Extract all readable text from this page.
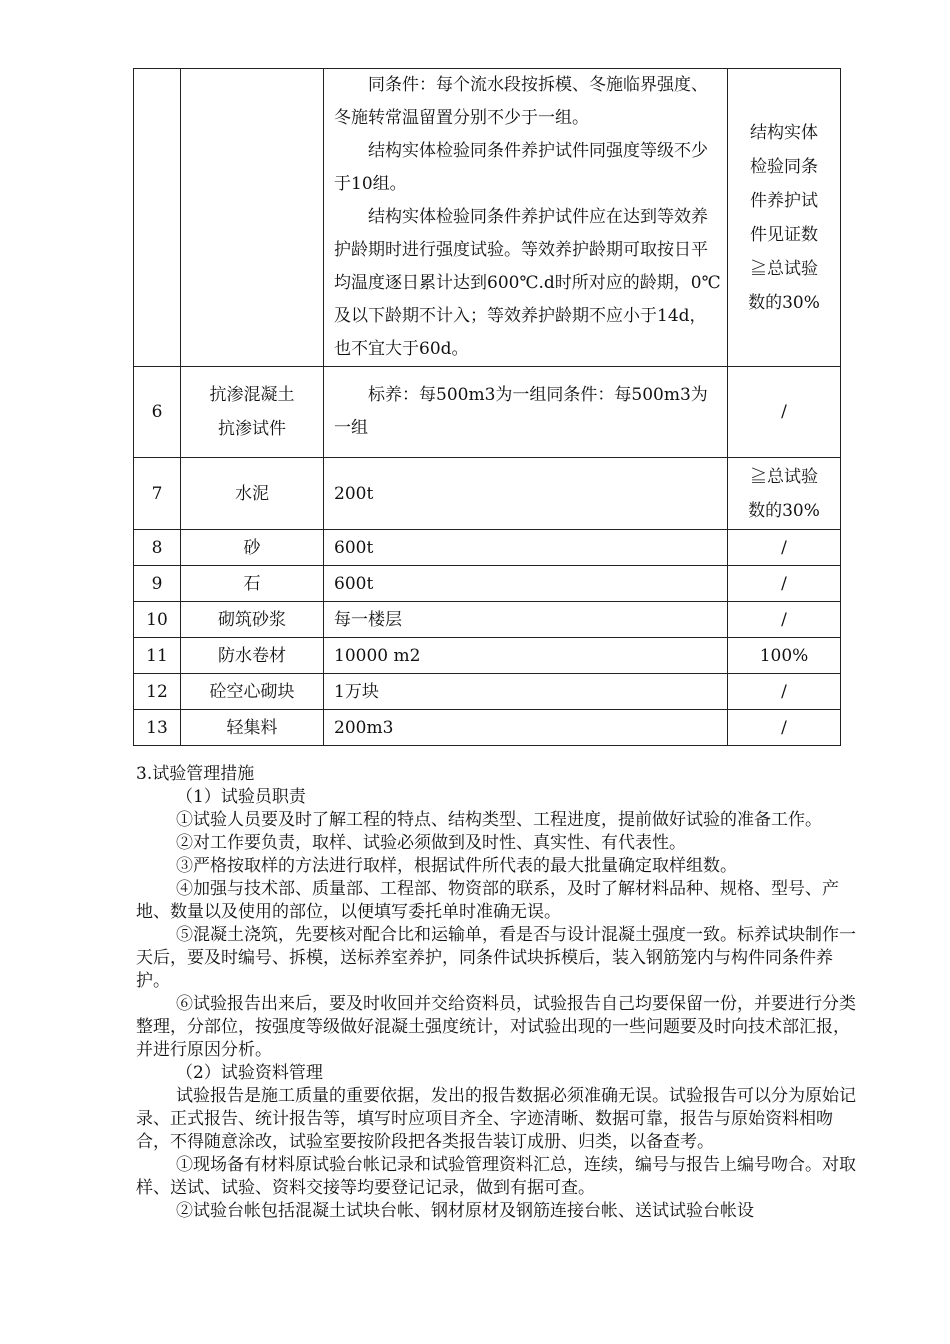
		同条件：每个流水段按拆模、冬施临界强度、冬施转常温留置分别不少于一组。

结构实体检验同条件养护试件同强度等级不少于10组。

结构实体检验同条件养护试件应在达到等效养护龄期时进行强度试验。等效养护龄期可取按日平均温度逐日累计达到600℃.d时所对应的龄期，0℃及以下龄期不计入；等效养护龄期不应小于14d，也不宜大于60d。	结构实体检验同条件养护试件见证数≧总试验数的30%
6	抗渗混凝土抗渗试件	标养：每500m3为一组同条件：每500m3为一组	/
7	水泥	200t	≧总试验数的30%
8	砂	600t	/
9	石	600t	/
10	砌筑砂浆	每一楼层	/
11	防水卷材	10000 m2	100%
12	砼空心砌块	1万块	/
13	轻集料	200m3	/

3.试验管理措施

（1）试验员职责

①试验人员要及时了解工程的特点、结构类型、工程进度，提前做好试验的准备工作。

②对工作要负责，取样、试验必须做到及时性、真实性、有代表性。

③严格按取样的方法进行取样，根据试件所代表的最大批量确定取样组数。

④加强与技术部、质量部、工程部、物资部的联系，及时了解材料品种、规格、型号、产地、数量以及使用的部位，以便填写委托单时准确无误。

⑤混凝土浇筑，先要核对配合比和运输单，看是否与设计混凝土强度一致。标养试块制作一天后，要及时编号、拆模，送标养室养护，同条件试块拆模后，装入钢筋笼内与构件同条件养护。

⑥试验报告出来后，要及时收回并交给资料员，试验报告自己均要保留一份，并要进行分类整理，分部位，按强度等级做好混凝土强度统计，对试验出现的一些问题要及时向技术部汇报，并进行原因分析。

（2）试验资料管理

试验报告是施工质量的重要依据，发出的报告数据必须准确无误。试验报告可以分为原始记录、正式报告、统计报告等，填写时应项目齐全、字迹清晰、数据可靠，报告与原始资料相吻合，不得随意涂改，试验室要按阶段把各类报告装订成册、归类，以备查考。

①现场备有材料原试验台帐记录和试验管理资料汇总，连续，编号与报告上编号吻合。对取样、送试、试验、资料交接等均要登记记录，做到有据可查。

②试验台帐包括混凝土试块台帐、钢材原材及钢筋连接台帐、送试试验台帐设
